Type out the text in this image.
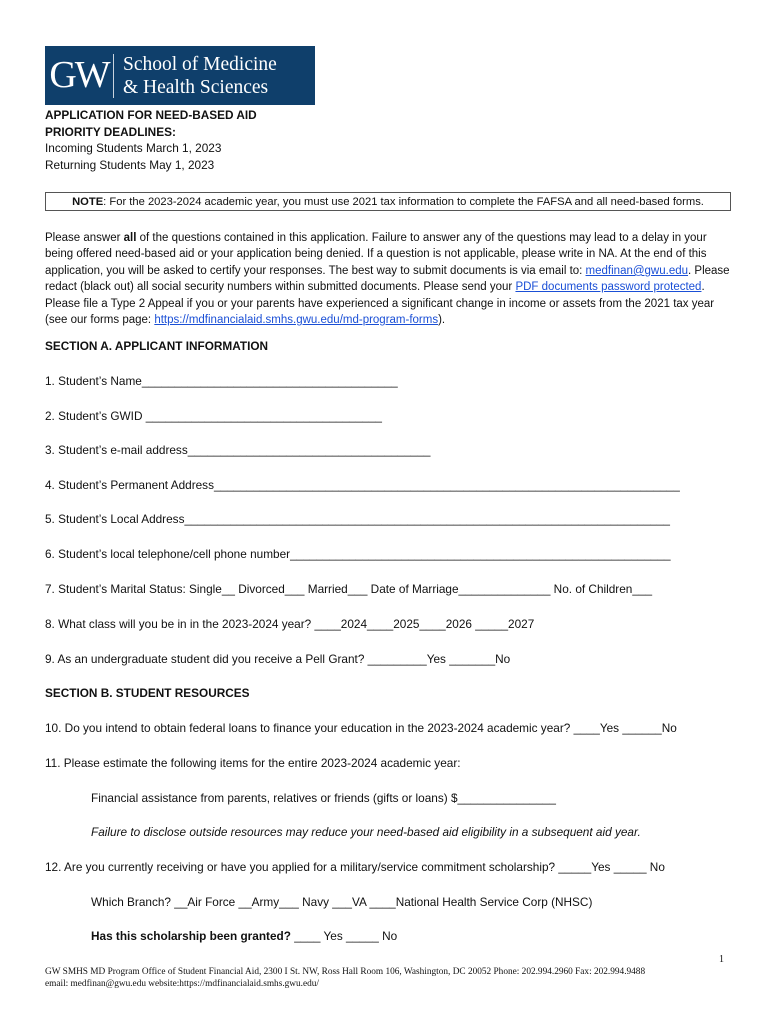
GW School of Medicine
& Health Sciences
APPLICATION FOR NEED-BASED AID
PRIORITY DEADLINES:
Incoming Students March 1, 2023
Returning Students May 1, 2023
NOTE: For the 2023-2024 academic year, you must use 2021 tax information to complete the FAFSA and all need-based forms.
Please answer all of the questions contained in this application. Failure to answer any of the questions may lead to a delay in your being offered need-based aid or your application being denied. If a question is not applicable, please write in NA. At the end of this application, you will be asked to certify your responses. The best way to submit documents is via email to: medfinan@gwu.edu. Please redact (black out) all social security numbers within submitted documents. Please send your PDF documents password protected. Please file a Type 2 Appeal if you or your parents have experienced a significant change in income or assets from the 2021 tax year (see our forms page: https://mdfinancialaid.smhs.gwu.edu/md-program-forms).
SECTION A. APPLICANT INFORMATION
1. Student’s Name_______________________________________
2. Student’s GWID ____________________________________
3. Student’s e-mail address_____________________________________
4. Student’s Permanent Address_______________________________________________________________________
5. Student’s Local Address__________________________________________________________________________
6. Student’s local telephone/cell phone number__________________________________________________________
7. Student’s Marital Status: Single__ Divorced___ Married___ Date of Marriage______________ No. of Children___
8. What class will you be in in the 2023-2024 year? ____2024____2025____2026 _____2027
9. As an undergraduate student did you receive a Pell Grant? _________Yes _______No
SECTION B. STUDENT RESOURCES
10. Do you intend to obtain federal loans to finance your education in the 2023-2024 academic year? ____Yes ______No
11. Please estimate the following items for the entire 2023-2024 academic year:
Financial assistance from parents, relatives or friends (gifts or loans) $_______________
Failure to disclose outside resources may reduce your need-based aid eligibility in a subsequent aid year.
12. Are you currently receiving or have you applied for a military/service commitment scholarship? _____Yes _____ No
Which Branch? __Air Force __Army___ Navy ___VA ____National Health Service Corp (NHSC)
Has this scholarship been granted? ____ Yes _____ No
1
GW SMHS MD Program Office of Student Financial Aid, 2300 I St. NW, Ross Hall Room 106, Washington, DC 20052 Phone: 202.994.2960 Fax: 202.994.9488
email: medfinan@gwu.edu website:https://mdfinancialaid.smhs.gwu.edu/
